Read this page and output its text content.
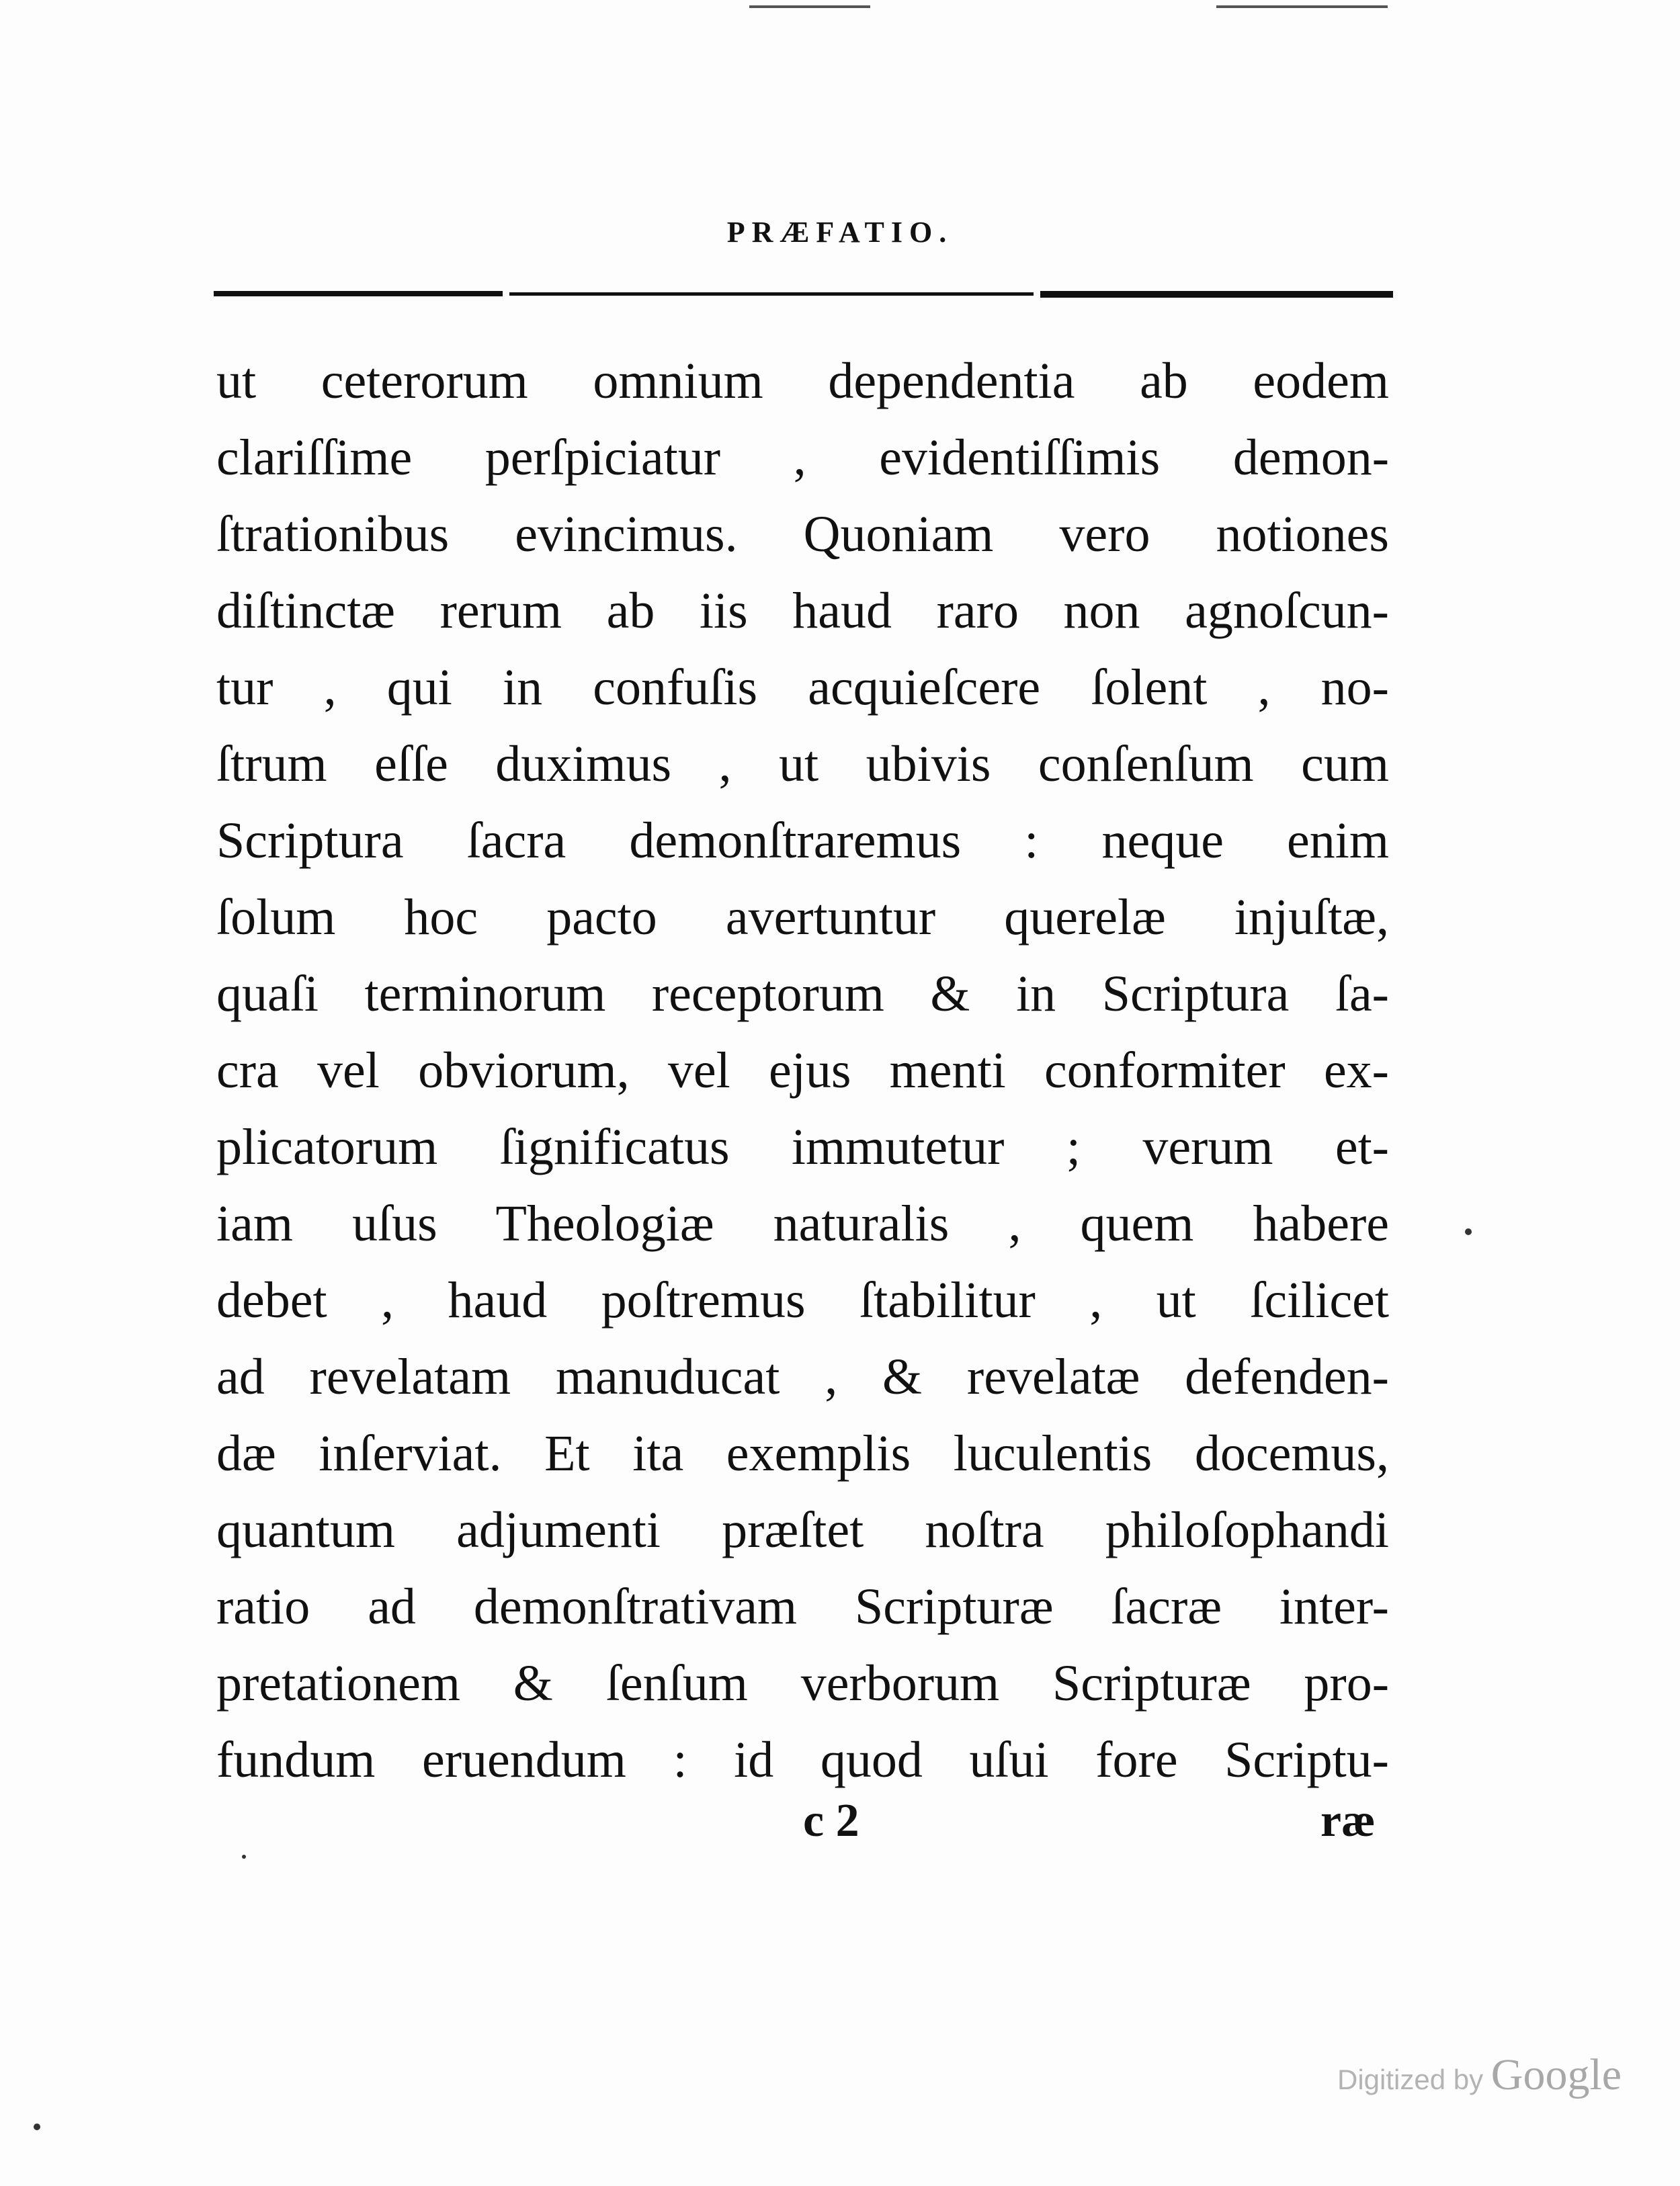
PRÆFATIO.
ut ceterorum omnium dependentia ab eodem
clariſſime perſpiciatur , evidentiſſimis demon-
ſtrationibus evincimus. Quoniam vero notiones
diſtinctæ rerum ab iis haud raro non agnoſcun-
tur , qui in confuſis acquieſcere ſolent , no-
ſtrum eſſe duximus , ut ubivis conſenſum cum
Scriptura ſacra demonſtraremus : neque enim
ſolum hoc pacto avertuntur querelæ injuſtæ,
quaſi terminorum receptorum & in Scriptura ſa-
cra vel obviorum, vel ejus menti conformiter ex-
plicatorum ſignificatus immutetur ; verum et-
iam uſus Theologiæ naturalis , quem habere
debet , haud poſtremus ſtabilitur , ut ſcilicet
ad revelatam manuducat , & revelatæ defenden-
dæ inſerviat. Et ita exemplis luculentis docemus,
quantum adjumenti præſtet noſtra philoſophandi
ratio ad demonſtrativam Scripturæ ſacræ inter-
pretationem & ſenſum verborum Scripturæ pro-
fundum eruendum : id quod uſui fore Scriptu-
c 2	ræ
Digitized by Google
